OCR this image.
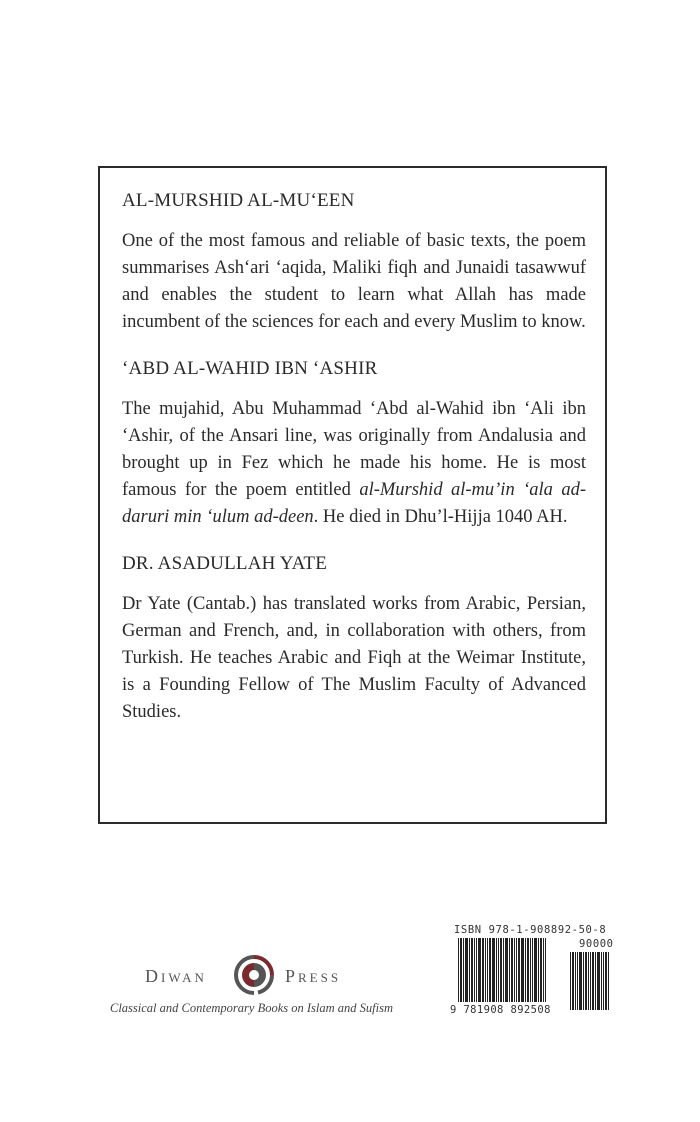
AL-MURSHID AL-MU‘EEN

One of the most famous and reliable of basic texts, the poem summarises Ash‘ari ‘aqida, Maliki fiqh and Junaidi tasawwuf and enables the student to learn what Allah has made incumbent of the sciences for each and every Muslim to know.

‘ABD AL-WAHID IBN ‘ASHIR

The mujahid, Abu Muhammad ‘Abd al-Wahid ibn ‘Ali ibn ‘Ashir, of the Ansari line, was originally from Andalusia and brought up in Fez which he made his home. He is most famous for the poem entitled al-Murshid al-mu’in ‘ala ad-daruri min ‘ulum ad-deen. He died in Dhu’l-Hijja 1040 AH.

DR. ASADULLAH YATE

Dr Yate (Cantab.) has translated works from Arabic, Persian, German and French, and, in collaboration with others, from Turkish. He teaches Arabic and Fiqh at the Weimar Institute, is a Founding Fellow of The Muslim Faculty of Advanced Studies.

Diwan	Press
Classical and Contemporary Books on Islam and Sufism
ISBN 978-1-908892-50-8
90000
9 781908 892508
